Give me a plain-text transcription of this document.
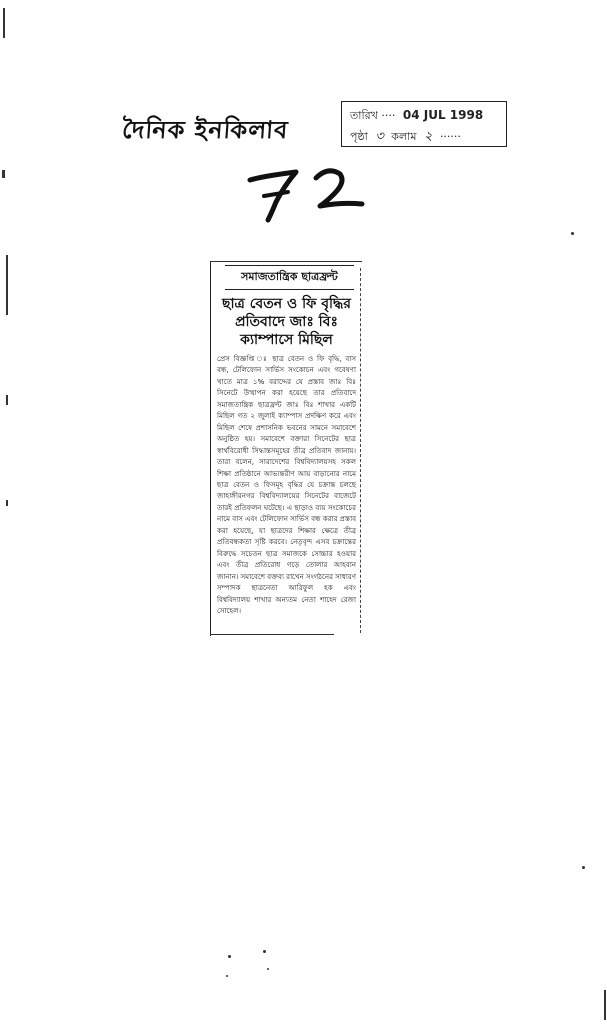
দৈনিক ইনকিলাব
তারিখ ···· 04 JUL 1998
পৃষ্ঠা ৩ কলাম ২ ······
সমাজতান্ত্রিক ছাত্রফ্রন্ট
ছাত্র বেতন ও ফি বৃদ্ধির
প্রতিবাদে জাঃ বিঃ
ক্যাম্পাসে মিছিল
প্রেস বিজ্ঞপ্তি ঃ ছাত্র বেতন ও ফি বৃদ্ধি, বাস বন্ধ, টেলিফোন সার্ভিস সংকোচন এবং গবেষণা খাতে মাত্র ১% বরাদ্দের যে প্রস্তাব জাঃ বিঃ সিনেটে উত্থাপন করা হয়েছে তার প্রতিবাদে সমাজতান্ত্রিক ছাত্রফ্রন্ট জাঃ বিঃ শাখার একটি মিছিল গত ২ জুলাই ক্যাম্পাস প্রদক্ষিণ করে এবং মিছিল শেষে প্রশাসনিক ভবনের সামনে সমাবেশে অনুষ্ঠিত হয়। সমাবেশে বক্তারা সিনেটের ছাত্র স্বার্থবিরোধী সিদ্ধান্তসমূহের তীব্র প্রতিবাদ জানায়। তারা বলেন, সারাদেশের বিশ্ববিদ্যালয়সহ সকল শিক্ষা প্রতিষ্ঠানে আভ্যন্তরীণ আয় বাড়ানোর নামে ছাত্র বেতন ও ফিসমূহ বৃদ্ধির যে চক্রান্ত চলছে জাহাঙ্গীরনগর বিশ্ববিদ্যালয়ের সিনেটের বাজেটে তারই প্রতিফলন ঘটেছে। এ ছাড়াও ব্যয় সংকোচের নামে বাস এবং টেলিফোন সার্ভিস বন্ধ করার প্রস্তাব করা হয়েছে, যা ছাত্রদের শিক্ষার ক্ষেত্রে তীব্র প্রতিবন্ধকতা সৃষ্টি করবে। নেতৃবৃন্দ এসব চক্রান্তের বিরুদ্ধে সচেতন ছাত্র সমাজকে সোচ্চার হওয়ার এবং তীব্র প্রতিরোধ গড়ে তোলার আহবান জানান। সমাবেশে বক্তব্য রাখেন সংগঠনের সাধারণ সম্পাদক ছাত্রনেতা আরিফুল হক এবং বিশ্ববিদ্যালয় শাখার অন্যতম নেতা শাহেদ রেজা সোহেল।
